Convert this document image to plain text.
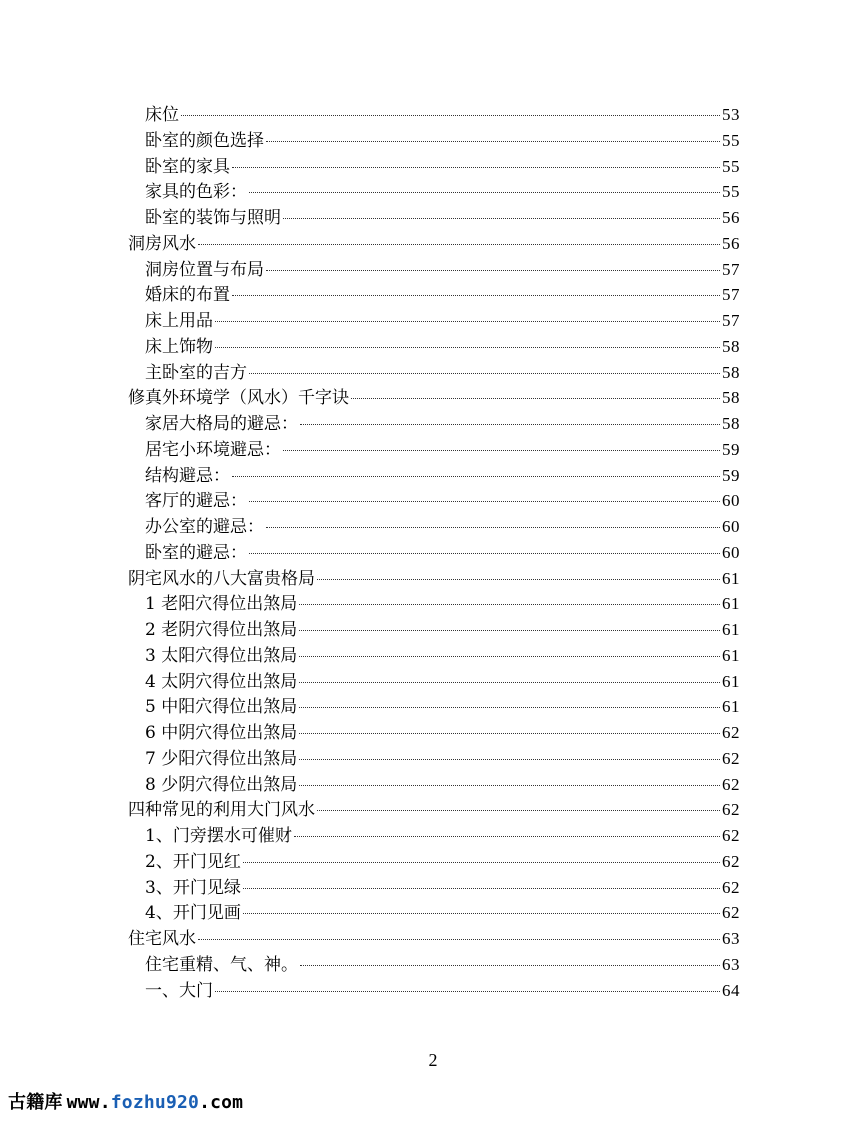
床位	53
卧室的颜色选择	55
卧室的家具	55
家具的色彩：	55
卧室的装饰与照明	56
洞房风水	56
洞房位置与布局	57
婚床的布置	57
床上用品	57
床上饰物	58
主卧室的吉方	58
修真外环境学（风水）千字诀	58
家居大格局的避忌：	58
居宅小环境避忌：	59
结构避忌：	59
客厅的避忌：	60
办公室的避忌：	60
卧室的避忌：	60
阴宅风水的八大富贵格局	61
1 老阳穴得位出煞局	61
2 老阴穴得位出煞局	61
3 太阳穴得位出煞局	61
4 太阴穴得位出煞局	61
5 中阳穴得位出煞局	61
6 中阴穴得位出煞局	62
7 少阳穴得位出煞局	62
8 少阴穴得位出煞局	62
四种常见的利用大门风水	62
1、门旁摆水可催财	62
2、开门见红	62
3、开门见绿	62
4、开门见画	62
住宅风水	63
住宅重精、气、神。	63
一、大门	64
2
古籍库 www.fozhu920.com
